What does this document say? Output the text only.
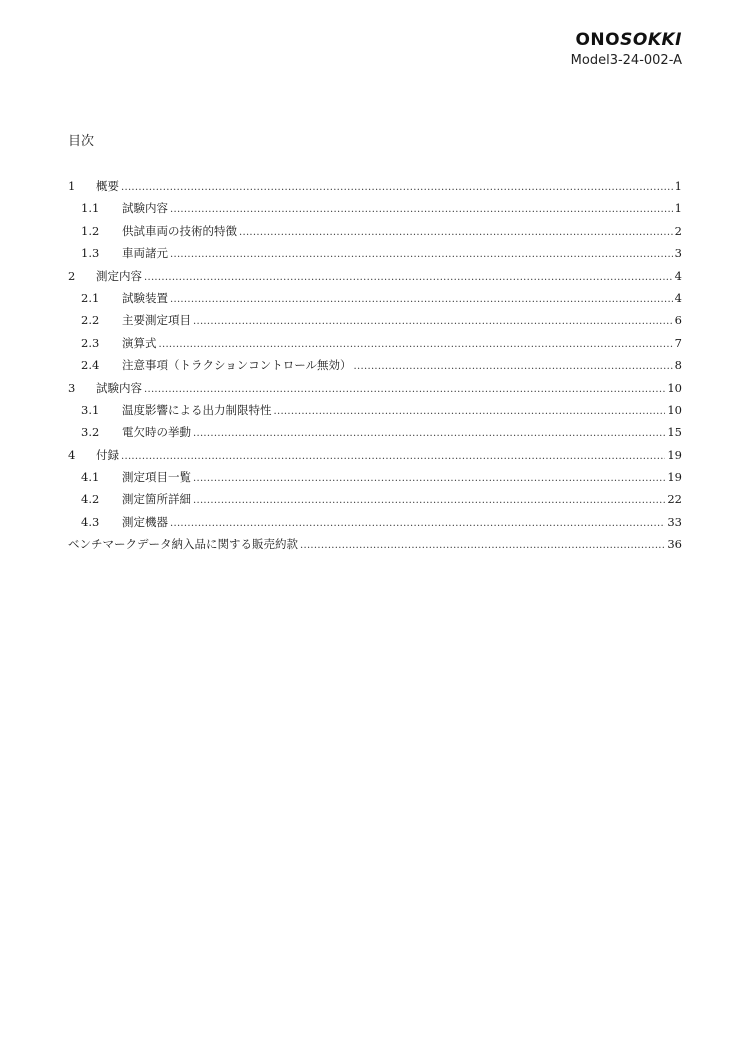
ONOSOKKI
Model3-24-002-A
目次
1	概要 .....	1
1.1	試験内容 .....	1
1.2	供試車両の技術的特徴 .....	2
1.3	車両諸元 .....	3
2	測定内容 .....	4
2.1	試験装置 .....	4
2.2	主要測定項目 .....	6
2.3	演算式 .....	7
2.4	注意事項（トラクションコントロール無効） .....	8
3	試験内容 .....	10
3.1	温度影響による出力制限特性 .....	10
3.2	電欠時の挙動 .....	15
4	付録 .....	19
4.1	測定項目一覧 .....	19
4.2	測定箇所詳細 .....	22
4.3	測定機器 .....	33
ベンチマークデータ納入品に関する販売約款 .....	36
